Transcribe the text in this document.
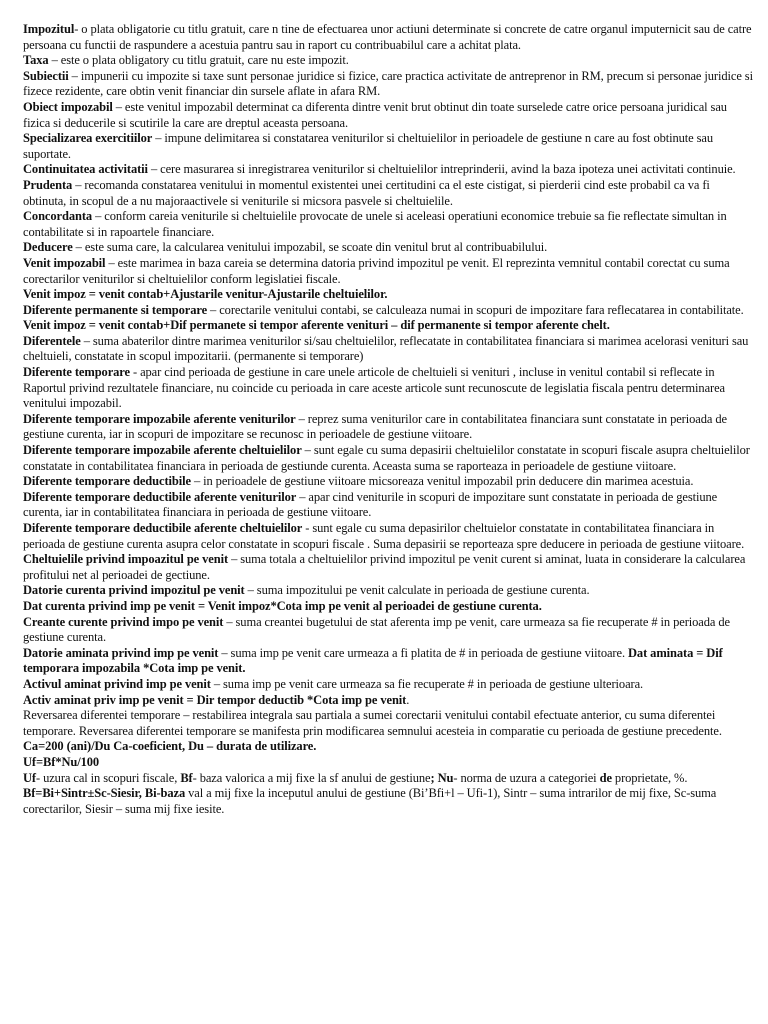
Impozitul- o plata obligatorie cu titlu gratuit, care n tine de efectuarea unor actiuni determinate si concrete de catre organul imputernicit sau de catre persoana cu functii de raspundere a acestuia pantru sau in raport cu contribuabilul care a achitat plata.

Taxa – este o plata obligatory cu titlu gratuit, care nu este impozit.

Subiectii – impunerii cu impozite si taxe sunt personae juridice si fizice, care practica activitate de antreprenor in RM, precum si personae juridice si fizece rezidente, care obtin venit financiar din sursele aflate in afara RM.

Obiect impozabil – este venitul impozabil determinat ca diferenta dintre venit brut obtinut din toate surselede catre orice persoana juridical sau fizica si deducerile si scutirile la care are dreptul aceasta persoana.

Specializarea exercitiilor – impune delimitarea si constatarea veniturilor si cheltuielilor in perioadele de gestiune n care au fost obtinute sau suportate.

Continuitatea activitatii – cere masurarea si inregistrarea veniturilor si cheltuielilor intreprinderii, avind la baza ipoteza unei activitati continuie.

Prudenta – recomanda constatarea venitului in momentul existentei unei certitudini ca el este cistigat, si pierderii cind este probabil ca va fi obtinuta, in scopul de a nu majoraactivele si veniturile si micsora pasvele si cheltuielile.

Concordanta – conform careia veniturile si cheltuielile provocate de unele si aceleasi operatiuni economice trebuie sa fie reflectate simultan in contabilitate si in rapoartele financiare.

Deducere – este suma care, la calcularea venitului impozabil, se scoate din venitul brut al contribuabilului.

Venit impozabil – este marimea in baza careia se determina datoria privind impozitul pe venit. El reprezinta vemnitul contabil corectat cu suma corectarilor veniturilor si cheltuielilor conform legislatiei fiscale.

Venit impoz = venit contab+Ajustarile venitur-Ajustarile cheltuielilor.

Diferente permanente si temporare – corectarile venitului contabi, se calculeaza numai in scopuri de impozitare fara reflecatarea in contabilitate.

Venit impoz = venit contab+Dif permanete si tempor aferente venituri – dif permanente si tempor aferente chelt.

Diferentele – suma abaterilor dintre marimea veniturilor si/sau cheltuielilor, reflecatate in contabilitatea financiara si marimea acelorasi venituri sau cheltuieli, constatate in scopul impozitarii. (permanente si temporare)

Diferente temporare - apar cind perioada de gestiune in care unele articole de cheltuieli si venituri , incluse in venitul contabil si reflecate in Raportul privind rezultatele financiare, nu coincide cu perioada in care aceste articole sunt recunoscute de legislatia fiscala pentru determinarea venitului impozabil.

Diferente temporare impozabile aferente veniturilor – reprez suma veniturilor care in contabilitatea financiara sunt constatate in perioada de gestiune curenta, iar in scopuri de impozitare se recunosc in perioadele de gestiune viitoare.

Diferente temporare impozabile aferente cheltuielilor – sunt egale cu suma depasirii cheltuielilor constatate in scopuri fiscale asupra cheltuielilor constatate in contabilitatea financiara in perioada de gestiunde curenta. Aceasta suma se raporteaza in perioadele de gestiune viitoare.

Diferente temporare deductibile – in perioadele de gestiune viitoare micsoreaza venitul impozabil prin deducere din marimea acestuia.

Diferente temporare deductibile aferente veniturilor – apar cind veniturile in scopuri de impozitare sunt constatate in perioada de gestiune curenta, iar in contabilitatea financiara in perioada de gestiune viitoare.

Diferente temporare deductibile aferente cheltuielilor - sunt egale cu suma depasirilor cheltuielor constatate in contabilitatea financiara in perioada de gestiune curenta asupra celor constatate in scopuri fiscale . Suma depasirii se reporteaza spre deducere in perioada de gestiune viitoare.

Cheltuielile privind impoazitul pe venit – suma totala a cheltuielilor privind impozitul pe venit curent si aminat, luata in considerare la calcularea profitului net al perioadei de gectiune.

Datorie curenta privind impozitul pe venit – suma impozitului pe venit calculate in perioada de gestiune curenta.

Dat curenta privind imp pe venit = Venit impoz*Cota imp pe venit al perioadei de gestiune curenta.

Creante curente privind impo pe venit – suma creantei bugetului de stat aferenta imp pe venit, care urmeaza sa fie recuperate # in perioada de gestiune curenta.

Datorie aminata privind imp pe venit – suma imp pe venit care urmeaza a fi platita de # in perioada de gestiune viitoare. Dat aminata = Dif temporara impozabila *Cota imp pe venit.

Activul aminat privind imp pe venit – suma imp pe venit care urmeaza sa fie recuperate # in perioada de gestiune ulterioara.

Activ aminat priv imp pe venit = Dir tempor deductib *Cota imp pe venit.

Reversarea diferentei temporare – restabilirea integrala sau partiala a sumei corectarii venitului contabil efectuate anterior, cu suma diferentei temporare. Reversarea diferentei temporare se manifesta prin modificarea semnului acesteia in comparatie cu perioada de gestiune precedente.

Ca=200 (ani)/Du Ca-coeficient, Du – durata de utilizare.

Uf=Bf*Nu/100

Uf- uzura cal in scopuri fiscale, Bf- baza valorica a mij fixe la sf anului de gestiune; Nu- norma de uzura a categoriei de proprietate, %.

Bf=Bi+Sintr±Sc-Siesir, Bi-baza val a mij fixe la inceputul anului de gestiune (Bi’Bfi+l – Ufi-1), Sintr – suma intrarilor de mij fixe, Sc-suma corectarilor, Siesir – suma mij fixe iesite.
